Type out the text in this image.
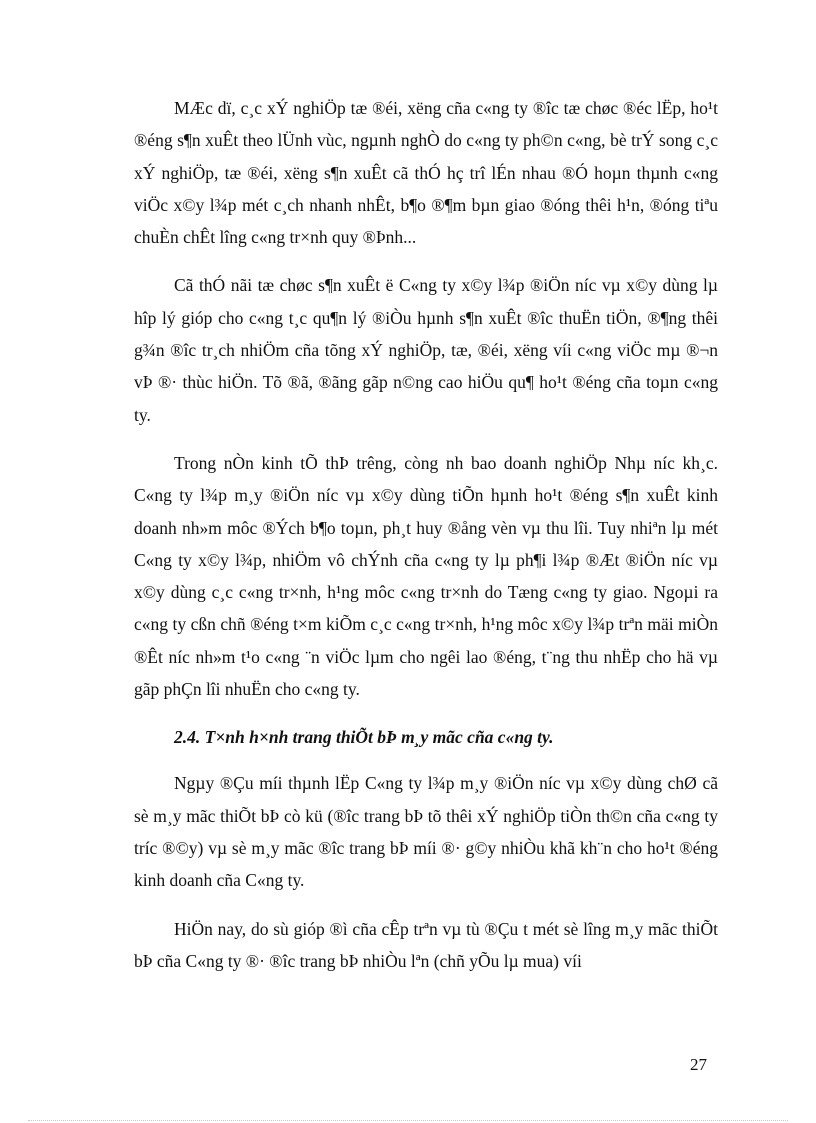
MÆc dï, c¸c xÝ nghiÖp tæ ®éi, xëng cña c«ng ty ®îc tæ chøc ®éc lËp, ho¹t ®éng s¶n xuÊt theo lÜnh vùc, ngµnh nghÒ do c«ng ty ph©n c«ng, bè trÝ song c¸c xÝ nghiÖp, tæ ®éi, xëng s¶n xuÊt cã thÓ hç trî lÉn nhau ®Ó hoµn thµnh c«ng viÖc x©y l¾p mét c¸ch nhanh nhÊt, b¶o ®¶m bµn giao ®óng thêi h¹n, ®óng tiªu chuÈn chÊt lîng c«ng tr×nh quy ®Þnh...

Cã thÓ nãi tæ chøc s¶n xuÊt ë C«ng ty x©y l¾p ®iÖn níc vµ x©y dùng lµ hîp lý gióp cho c«ng t¸c qu¶n lý ®iÒu hµnh s¶n xuÊt ®îc thuËn tiÖn, ®¶ng thêi g¾n ®îc tr¸ch nhiÖm cña tõng xÝ nghiÖp, tæ, ®éi, xëng víi c«ng viÖc mµ ®¬n vÞ ®· thùc hiÖn. Tõ ®ã, ®ãng gãp n©ng cao hiÖu qu¶ ho¹t ®éng cña toµn c«ng ty.

Trong nÒn kinh tÕ thÞ trêng, còng nh bao doanh nghiÖp Nhµ níc kh¸c. C«ng ty l¾p m¸y ®iÖn níc vµ x©y dùng tiÕn hµnh ho¹t ®éng s¶n xuÊt kinh doanh nh»m môc ®Ých b¶o toµn, ph¸t huy ®ång vèn vµ thu lîi. Tuy nhiªn lµ mét C«ng ty x©y l¾p, nhiÖm vô chÝnh cña c«ng ty lµ ph¶i l¾p ®Æt ®iÖn níc vµ x©y dùng c¸c c«ng tr×nh, h¹ng môc c«ng tr×nh do Tæng c«ng ty giao. Ngoµi ra c«ng ty cßn chñ ®éng t×m kiÕm c¸c c«ng tr×nh, h¹ng môc x©y l¾p trªn mäi miÒn ®Êt níc nh»m t¹o c«ng ¨n viÖc lµm cho ngêi lao ®éng, t¨ng thu nhËp cho hä vµ gãp phÇn lîi nhuËn cho c«ng ty.

2.4. T×nh h×nh trang thiÕt bÞ m¸y mãc cña c«ng ty.

Ngµy ®Çu míi thµnh lËp C«ng ty l¾p m¸y ®iÖn níc vµ x©y dùng chØ cã sè m¸y mãc thiÕt bÞ cò kü (®îc trang bÞ tõ thêi xÝ nghiÖp tiÒn th©n cña c«ng ty tríc ®©y) vµ sè m¸y mãc ®îc trang bÞ míi ®· g©y nhiÒu khã kh¨n cho ho¹t ®éng kinh doanh cña C«ng ty.

HiÖn nay, do sù gióp ®ì cña cÊp trªn vµ tù ®Çu t mét sè lîng m¸y mãc thiÕt bÞ cña C«ng ty ®· ®îc trang bÞ nhiÒu lªn (chñ yÕu lµ mua) víi

27
